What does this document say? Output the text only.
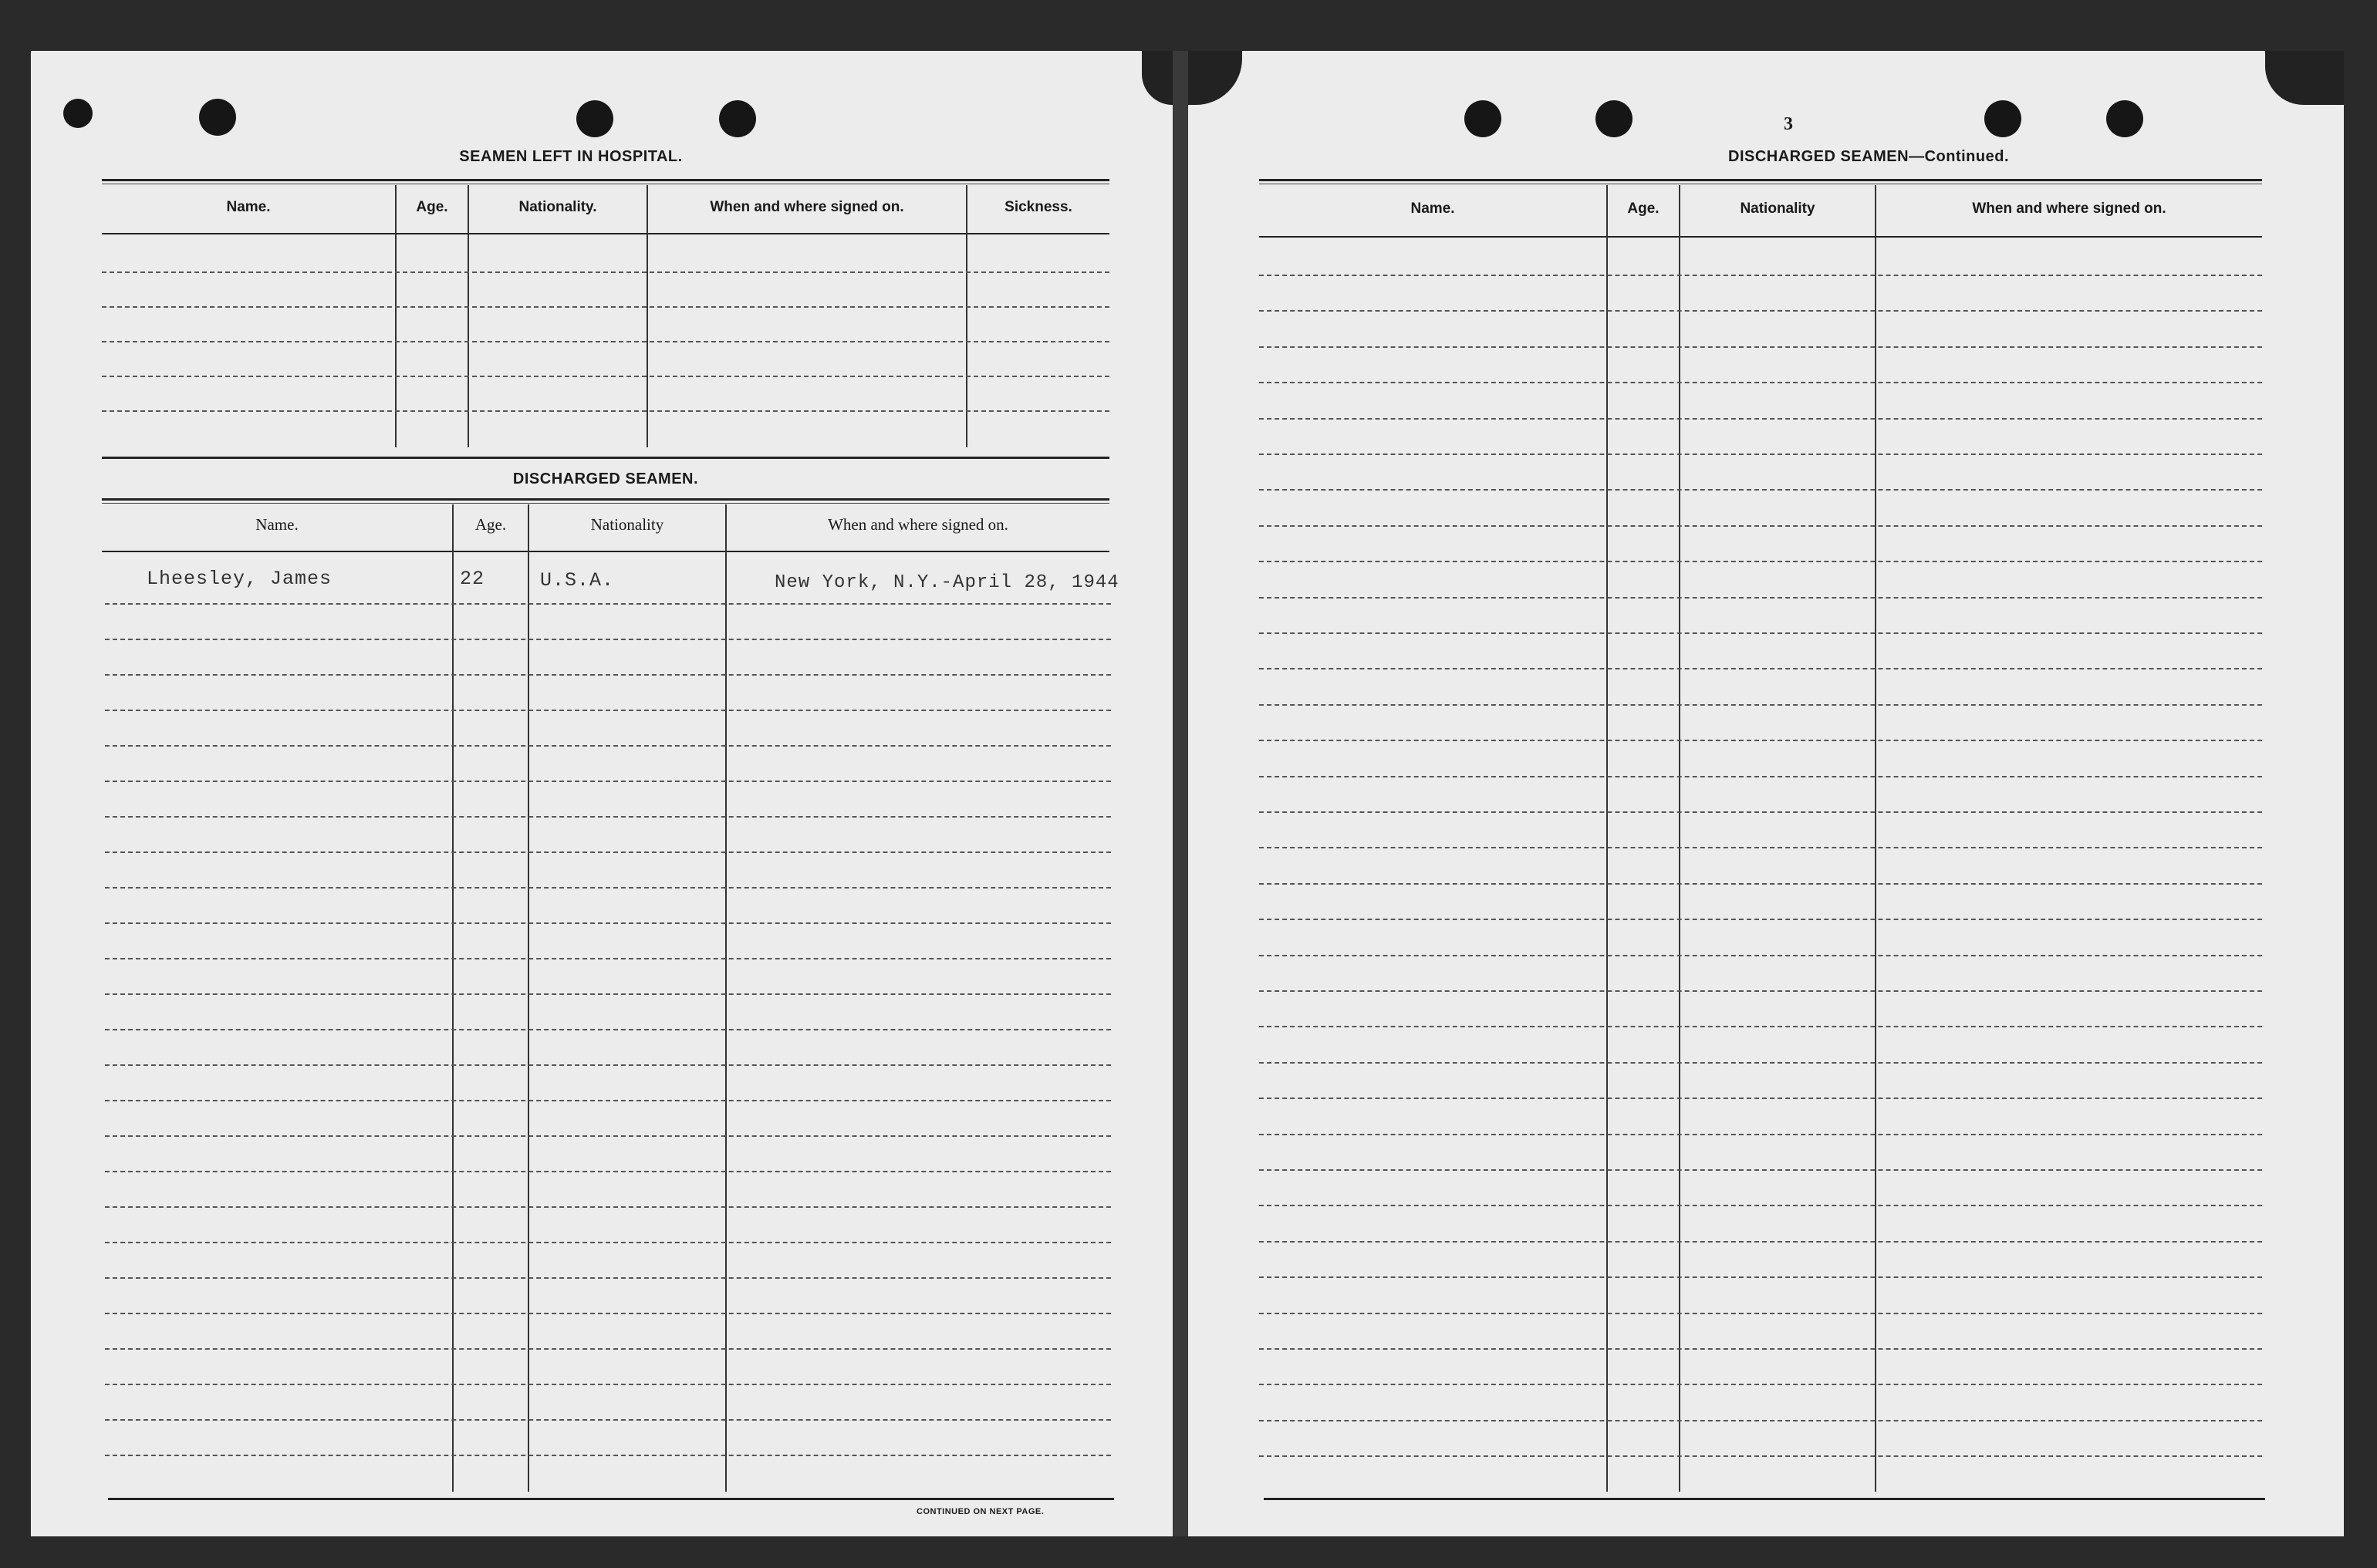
SEAMEN LEFT IN HOSPITAL.
Name.	Age.	Nationality.	When and where signed on.	Sickness.
DISCHARGED SEAMEN.
Name.	Age.	Nationality	When and where signed on.
Lheesley, James	22	U.S.A.	New York, N.Y.-April 28, 1944
CONTINUED ON NEXT PAGE.
3
DISCHARGED SEAMEN—Continued.
Name.	Age.	Nationality	When and where signed on.
